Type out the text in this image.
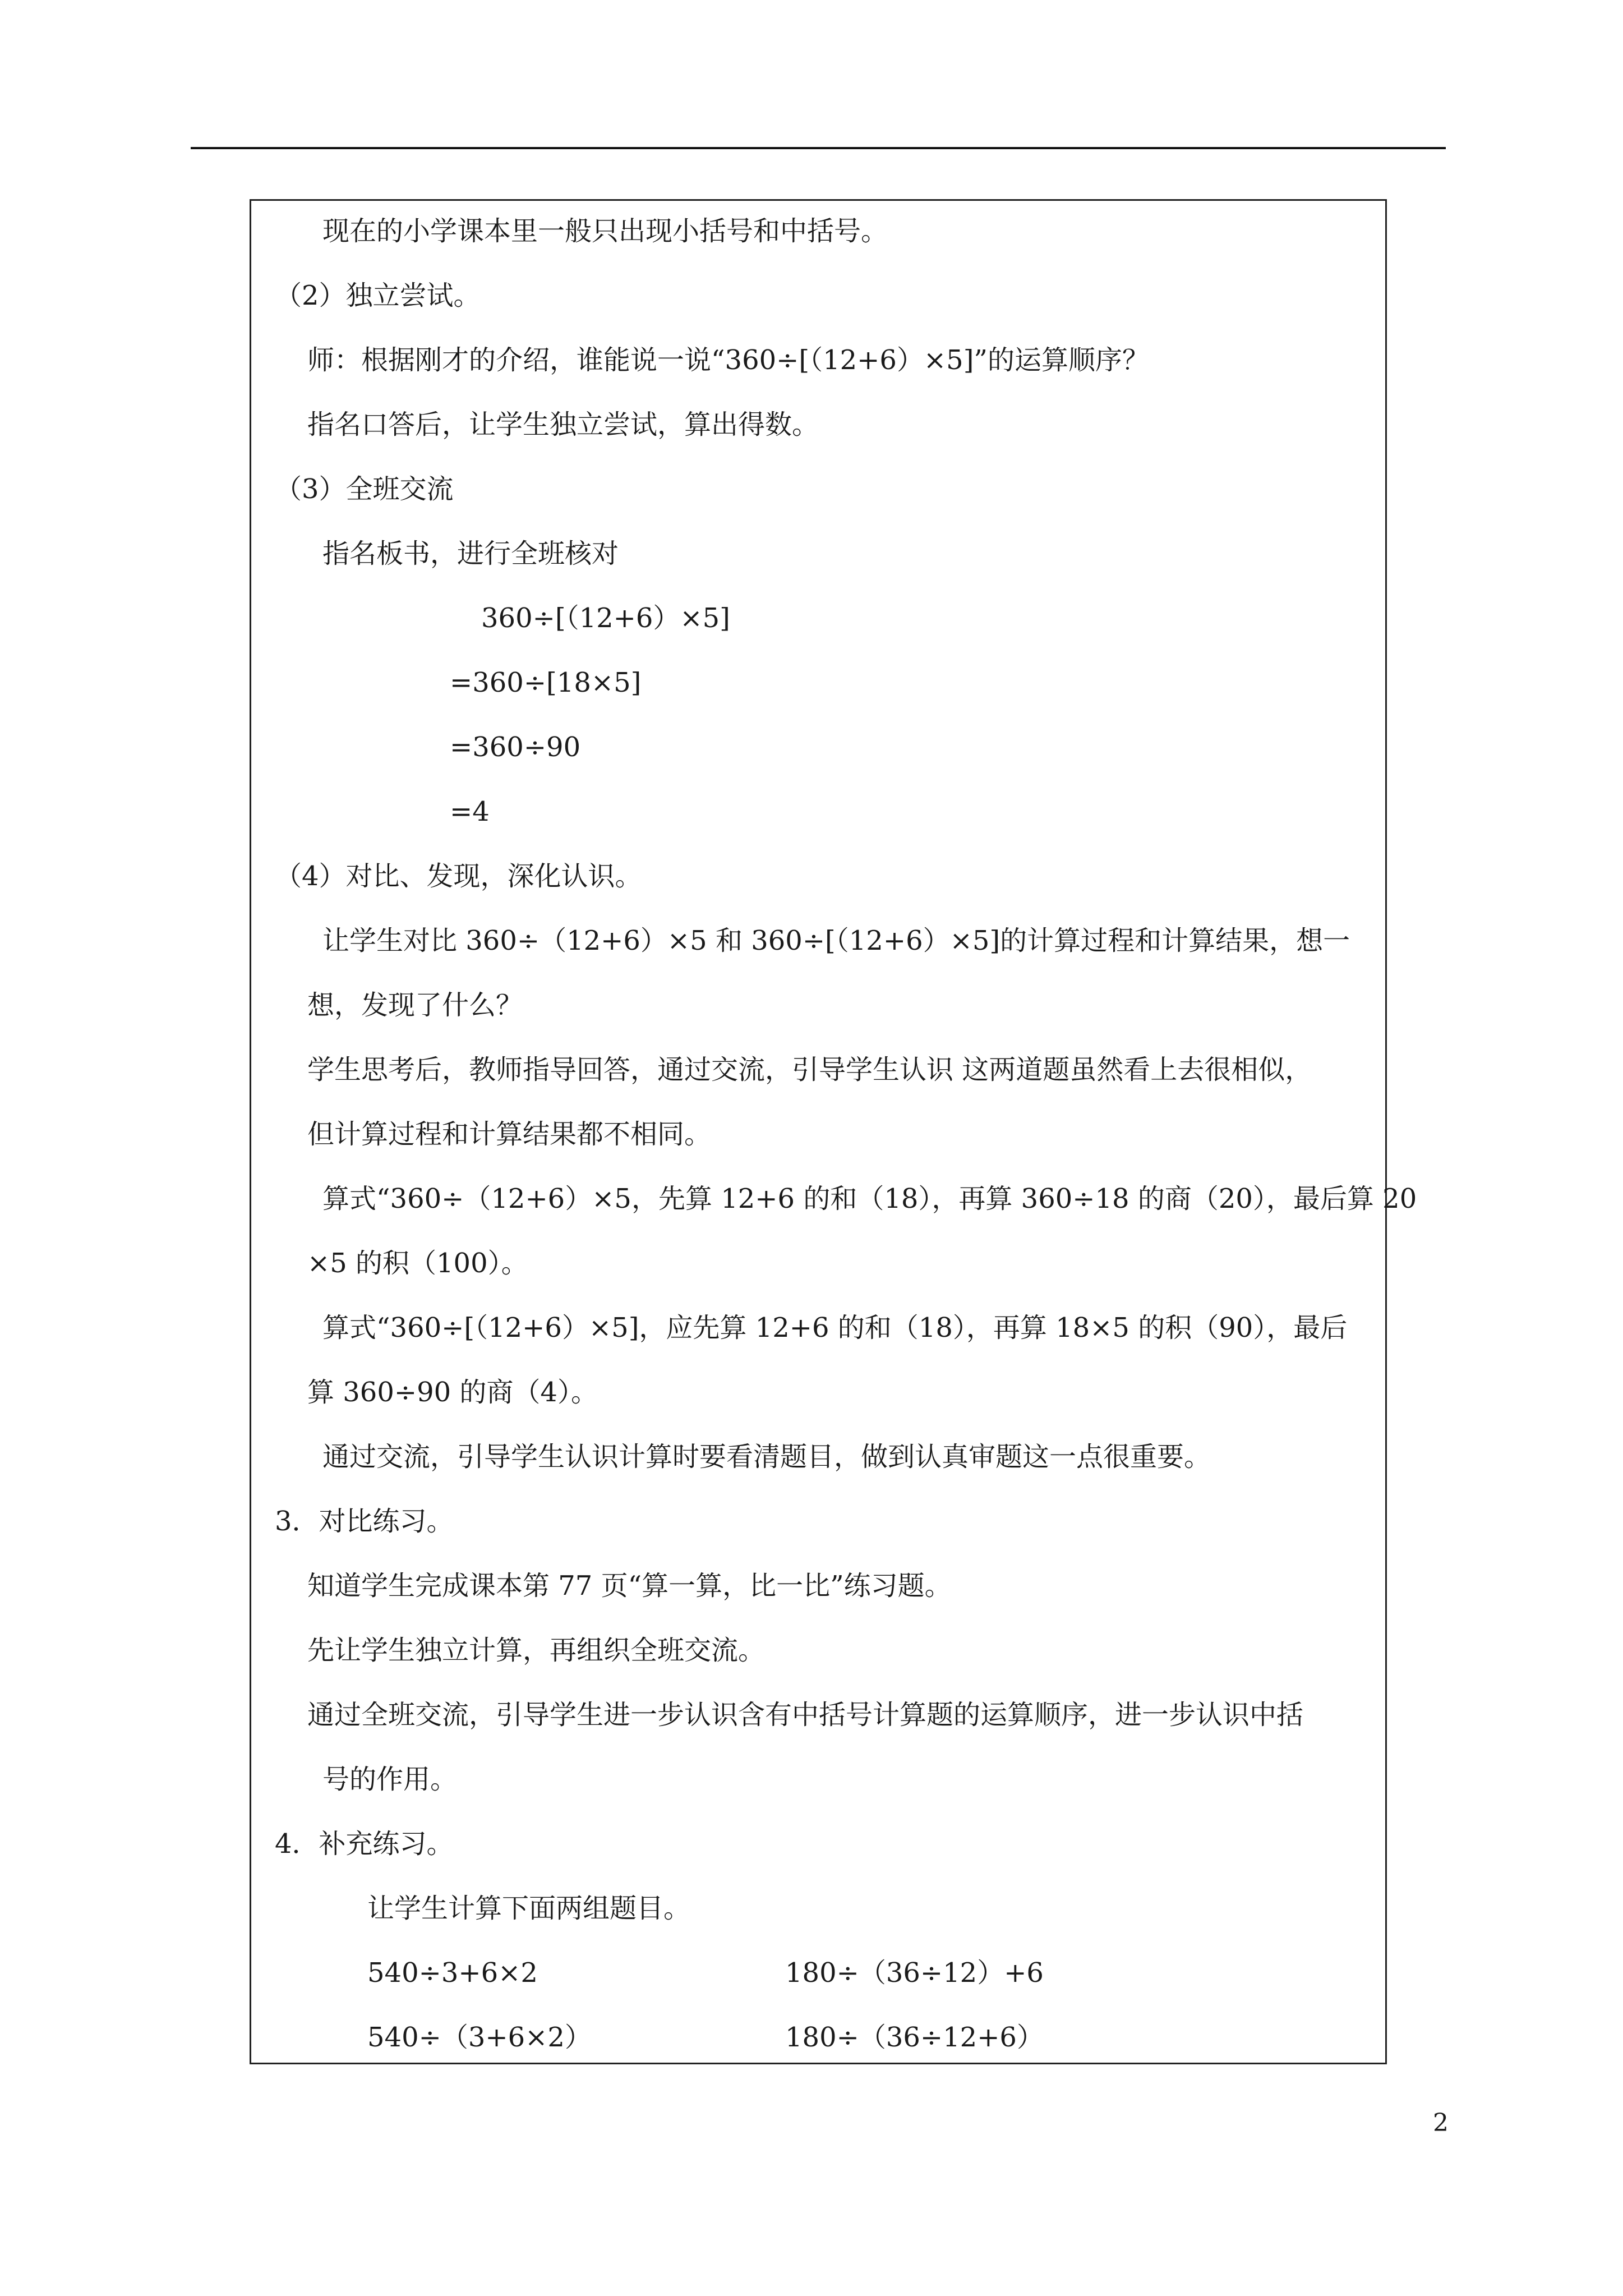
现在的小学课本里一般只出现小括号和中括号。
（2）独立尝试。
师：根据刚才的介绍，谁能说一说“360÷[（12+6）×5]”的运算顺序？
指名口答后，让学生独立尝试，算出得数。
（3）全班交流
指名板书，进行全班核对
360÷[（12+6）×5]
=360÷[18×5]
=360÷90
=4
（4）对比、发现，深化认识。
让学生对比 360÷（12+6）×5 和 360÷[（12+6）×5]的计算过程和计算结果，想一
想，发现了什么？
学生思考后，教师指导回答，通过交流，引导学生认识 这两道题虽然看上去很相似，
但计算过程和计算结果都不相同。
算式“360÷（12+6）×5，先算 12+6 的和（18），再算 360÷18 的商（20），最后算 20
×5 的积（100）。
算式“360÷[（12+6）×5]，应先算 12+6 的和（18），再算 18×5 的积（90），最后
算 360÷90 的商（4）。
通过交流，引导学生认识计算时要看清题目，做到认真审题这一点很重要。
3．对比练习。
知道学生完成课本第 77 页“算一算，比一比”练习题。
先让学生独立计算，再组织全班交流。
通过全班交流，引导学生进一步认识含有中括号计算题的运算顺序，进一步认识中括
号的作用。
4．补充练习。
让学生计算下面两组题目。
540÷3+6×2	180÷（36÷12）+6
540÷（3+6×2）	180÷（36÷12+6）
2
